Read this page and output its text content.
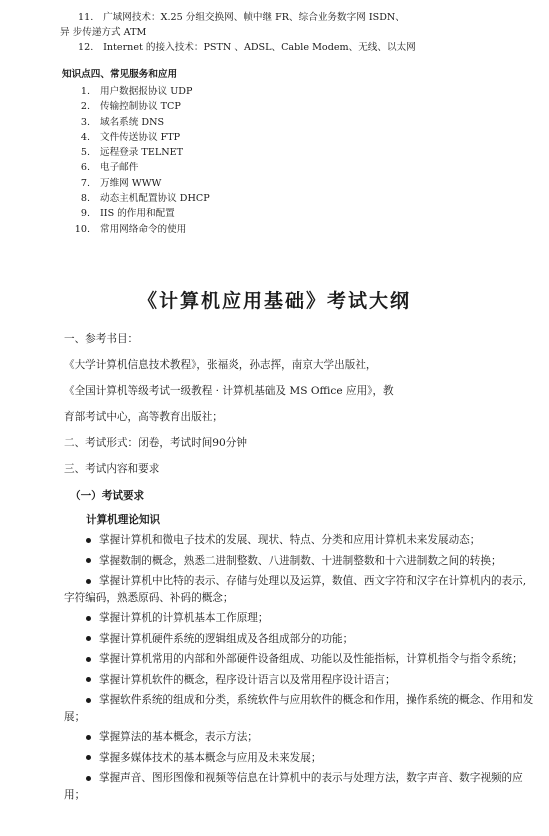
11. 广域网技术：X.25 分组交换网、帧中继 FR、综合业务数字网 ISDN、
异 步传递方式 ATM
12. Internet 的接入技术：PSTN 、ADSL、Cable Modem、无线、以太网
知识点四、常见服务和应用
1.	用户数据报协议 UDP
2.	传输控制协议 TCP
3.	域名系统 DNS
4.	文件传送协议 FTP
5.	远程登录 TELNET
6.	电子邮件
7.	万维网 WWW
8.	动态主机配置协议 DHCP
9.	IIS 的作用和配置
10.	常用网络命令的使用
《计算机应用基础》考试大纲
一、参考书目：
《大学计算机信息技术教程》，张福炎，孙志挥，南京大学出版社，
《全国计算机等级考试一级教程 · 计算机基础及 MS Office 应用》，教
育部考试中心，高等教育出版社；
二、考试形式：闭卷，考试时间90分钟
三、考试内容和要求
（一）考试要求
计算机理论知识
掌握计算机和微电子技术的发展、现状、特点、分类和应用计算机未来发展动态；
掌握数制的概念，熟悉二进制整数、八进制数、十进制整数和十六进制数之间的转换；
掌握计算机中比特的表示、存储与处理以及运算，数值、西文字符和汉字在计算机内的表示,字符编码，熟悉原码、补码的概念；
掌握计算机的计算机基本工作原理；
掌握计算机硬件系统的逻辑组成及各组成部分的功能；
掌握计算机常用的内部和外部硬件设备组成、功能以及性能指标，计算机指令与指令系统；
掌握计算机软件的概念，程序设计语言以及常用程序设计语言；
掌握软件系统的组成和分类，系统软件与应用软件的概念和作用，操作系统的概念、作用和发展；
掌握算法的基本概念，表示方法；
掌握多媒体技术的基本概念与应用及未来发展；
掌握声音、图形图像和视频等信息在计算机中的表示与处理方法，数字声音、数字视频的应用；
